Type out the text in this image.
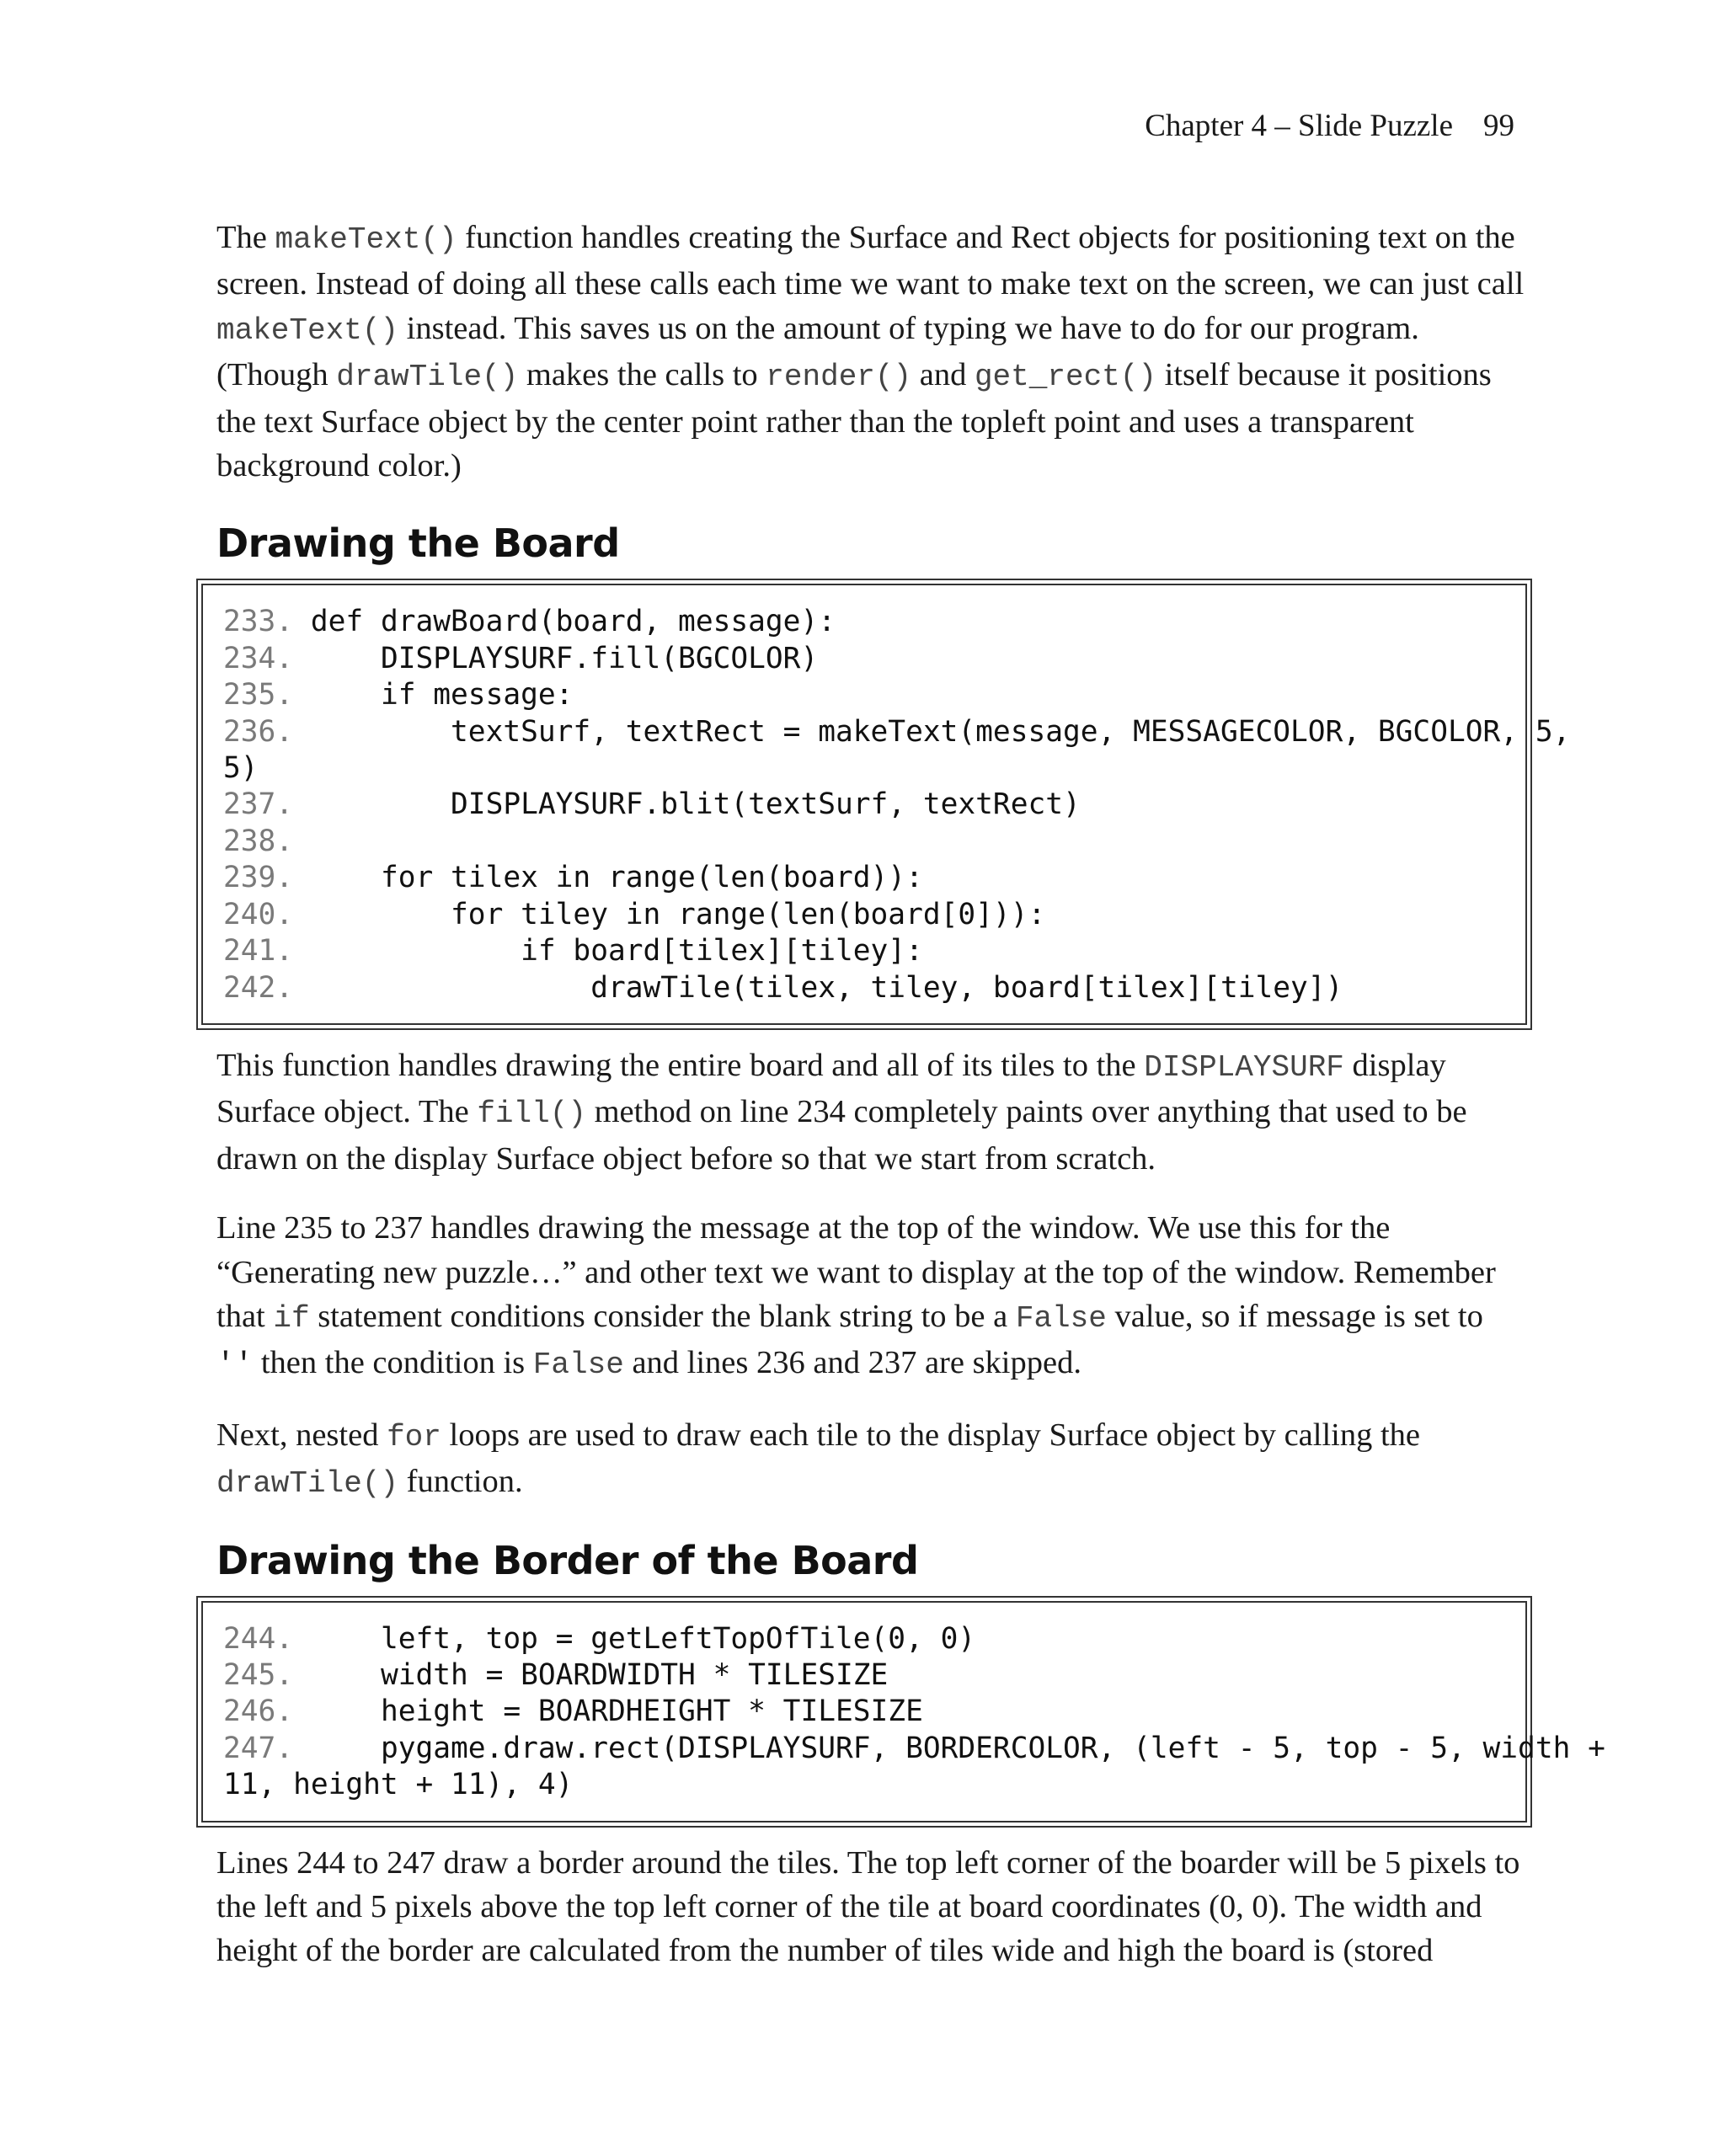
Chapter 4 – Slide Puzzle 99

The makeText() function handles creating the Surface and Rect objects for positioning text on the screen. Instead of doing all these calls each time we want to make text on the screen, we can just call makeText() instead. This saves us on the amount of typing we have to do for our program. (Though drawTile() makes the calls to render() and get_rect() itself because it positions the text Surface object by the center point rather than the topleft point and uses a transparent background color.)

Drawing the Board
233. def drawBoard(board, message):
234.     DISPLAYSURF.fill(BGCOLOR)
235.     if message:
236.         textSurf, textRect = makeText(message, MESSAGECOLOR, BGCOLOR, 5,
5)
237.         DISPLAYSURF.blit(textSurf, textRect)
238.
239.     for tilex in range(len(board)):
240.         for tiley in range(len(board[0])):
241.             if board[tilex][tiley]:
242.                 drawTile(tilex, tiley, board[tilex][tiley])

This function handles drawing the entire board and all of its tiles to the DISPLAYSURF display Surface object. The fill() method on line 234 completely paints over anything that used to be drawn on the display Surface object before so that we start from scratch.

Line 235 to 237 handles drawing the message at the top of the window. We use this for the “Generating new puzzle…” and other text we want to display at the top of the window. Remember that if statement conditions consider the blank string to be a False value, so if message is set to '' then the condition is False and lines 236 and 237 are skipped.

Next, nested for loops are used to draw each tile to the display Surface object by calling the drawTile() function.

Drawing the Border of the Board
244.     left, top = getLeftTopOfTile(0, 0)
245.     width = BOARDWIDTH * TILESIZE
246.     height = BOARDHEIGHT * TILESIZE
247.     pygame.draw.rect(DISPLAYSURF, BORDERCOLOR, (left - 5, top - 5, width +
11, height + 11), 4)

Lines 244 to 247 draw a border around the tiles. The top left corner of the boarder will be 5 pixels to the left and 5 pixels above the top left corner of the tile at board coordinates (0, 0). The width and height of the border are calculated from the number of tiles wide and high the board is (stored
